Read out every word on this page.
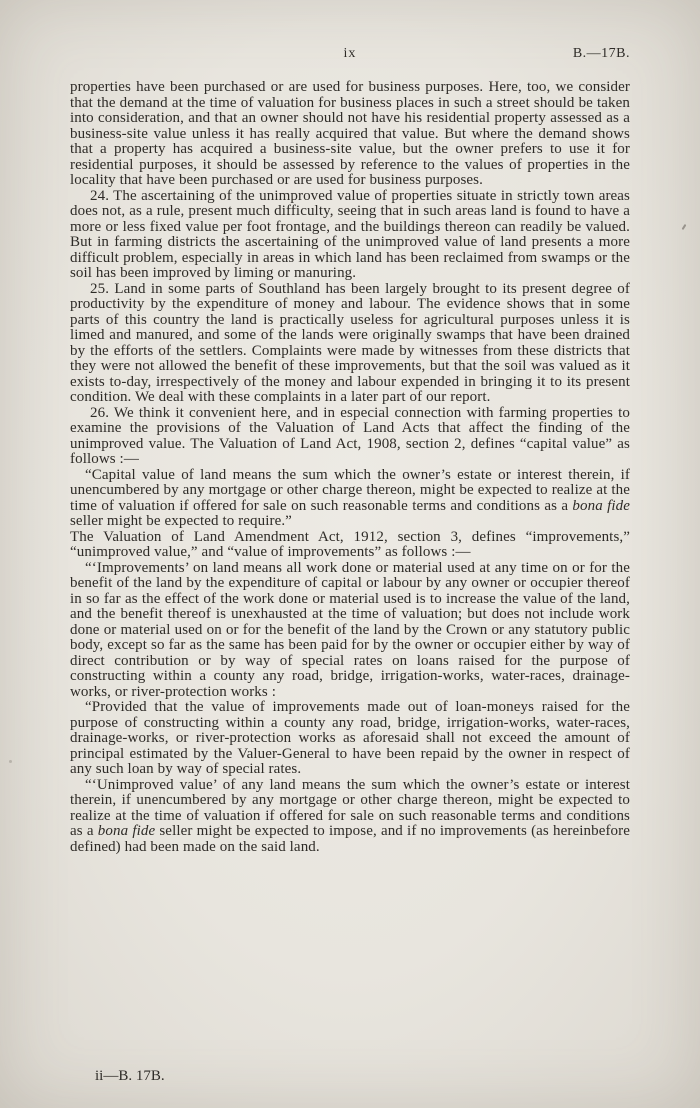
ix	B.—17B.

properties have been purchased or are used for business purposes. Here, too, we consider that the demand at the time of valuation for business places in such a street should be taken into consideration, and that an owner should not have his residential property assessed as a business-site value unless it has really acquired that value. But where the demand shows that a property has acquired a business-site value, but the owner prefers to use it for residential purposes, it should be assessed by reference to the values of properties in the locality that have been purchased or are used for business purposes.

24. The ascertaining of the unimproved value of properties situate in strictly town areas does not, as a rule, present much difficulty, seeing that in such areas land is found to have a more or less fixed value per foot frontage, and the buildings thereon can readily be valued. But in farming districts the ascertaining of the unimproved value of land presents a more difficult problem, especially in areas in which land has been reclaimed from swamps or the soil has been improved by liming or manuring.

25. Land in some parts of Southland has been largely brought to its present degree of productivity by the expenditure of money and labour. The evidence shows that in some parts of this country the land is practically useless for agricultural purposes unless it is limed and manured, and some of the lands were originally swamps that have been drained by the efforts of the settlers. Complaints were made by witnesses from these districts that they were not allowed the benefit of these improvements, but that the soil was valued as it exists to-day, irrespectively of the money and labour expended in bringing it to its present condition. We deal with these complaints in a later part of our report.

26. We think it convenient here, and in especial connection with farming properties to examine the provisions of the Valuation of Land Acts that affect the finding of the unimproved value. The Valuation of Land Act, 1908, section 2, defines “capital value” as follows :—

“Capital value of land means the sum which the owner’s estate or interest therein, if unencumbered by any mortgage or other charge thereon, might be expected to realize at the time of valuation if offered for sale on such reasonable terms and conditions as a bona fide seller might be expected to require.”

The Valuation of Land Amendment Act, 1912, section 3, defines “improvements,” “unimproved value,” and “value of improvements” as follows :—

“‘Improvements’ on land means all work done or material used at any time on or for the benefit of the land by the expenditure of capital or labour by any owner or occupier thereof in so far as the effect of the work done or material used is to increase the value of the land, and the benefit thereof is unexhausted at the time of valuation; but does not include work done or material used on or for the benefit of the land by the Crown or any statutory public body, except so far as the same has been paid for by the owner or occupier either by way of direct contribution or by way of special rates on loans raised for the purpose of constructing within a county any road, bridge, irrigation-works, water-races, drainage-works, or river-protection works :

“Provided that the value of improvements made out of loan-moneys raised for the purpose of constructing within a county any road, bridge, irrigation-works, water-races, drainage-works, or river-protection works as aforesaid shall not exceed the amount of principal estimated by the Valuer-General to have been repaid by the owner in respect of any such loan by way of special rates.

“‘Unimproved value’ of any land means the sum which the owner’s estate or interest therein, if unencumbered by any mortgage or other charge thereon, might be expected to realize at the time of valuation if offered for sale on such reasonable terms and conditions as a bona fide seller might be expected to impose, and if no improvements (as hereinbefore defined) had been made on the said land.

ii—B. 17B.
